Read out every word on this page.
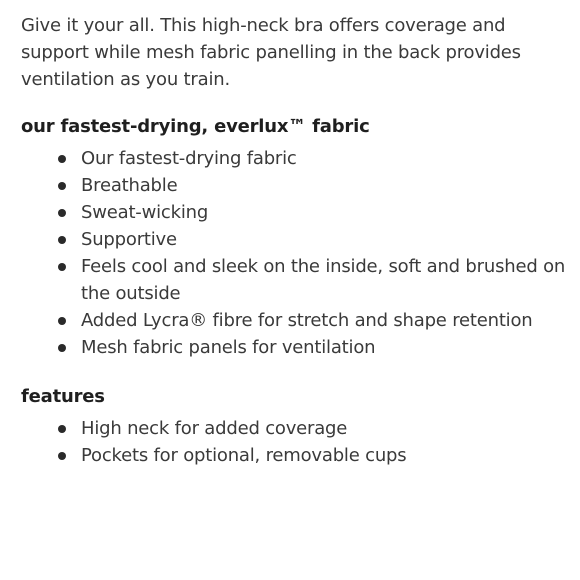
Give it your all. This high-neck bra offers coverage and support while mesh fabric panelling in the back provides ventilation as you train.

our fastest-drying, everlux™ fabric
Our fastest-drying fabric
Breathable
Sweat-wicking
Supportive
Feels cool and sleek on the inside, soft and brushed on the outside
Added Lycra® fibre for stretch and shape retention
Mesh fabric panels for ventilation
features
High neck for added coverage
Pockets for optional, removable cups
